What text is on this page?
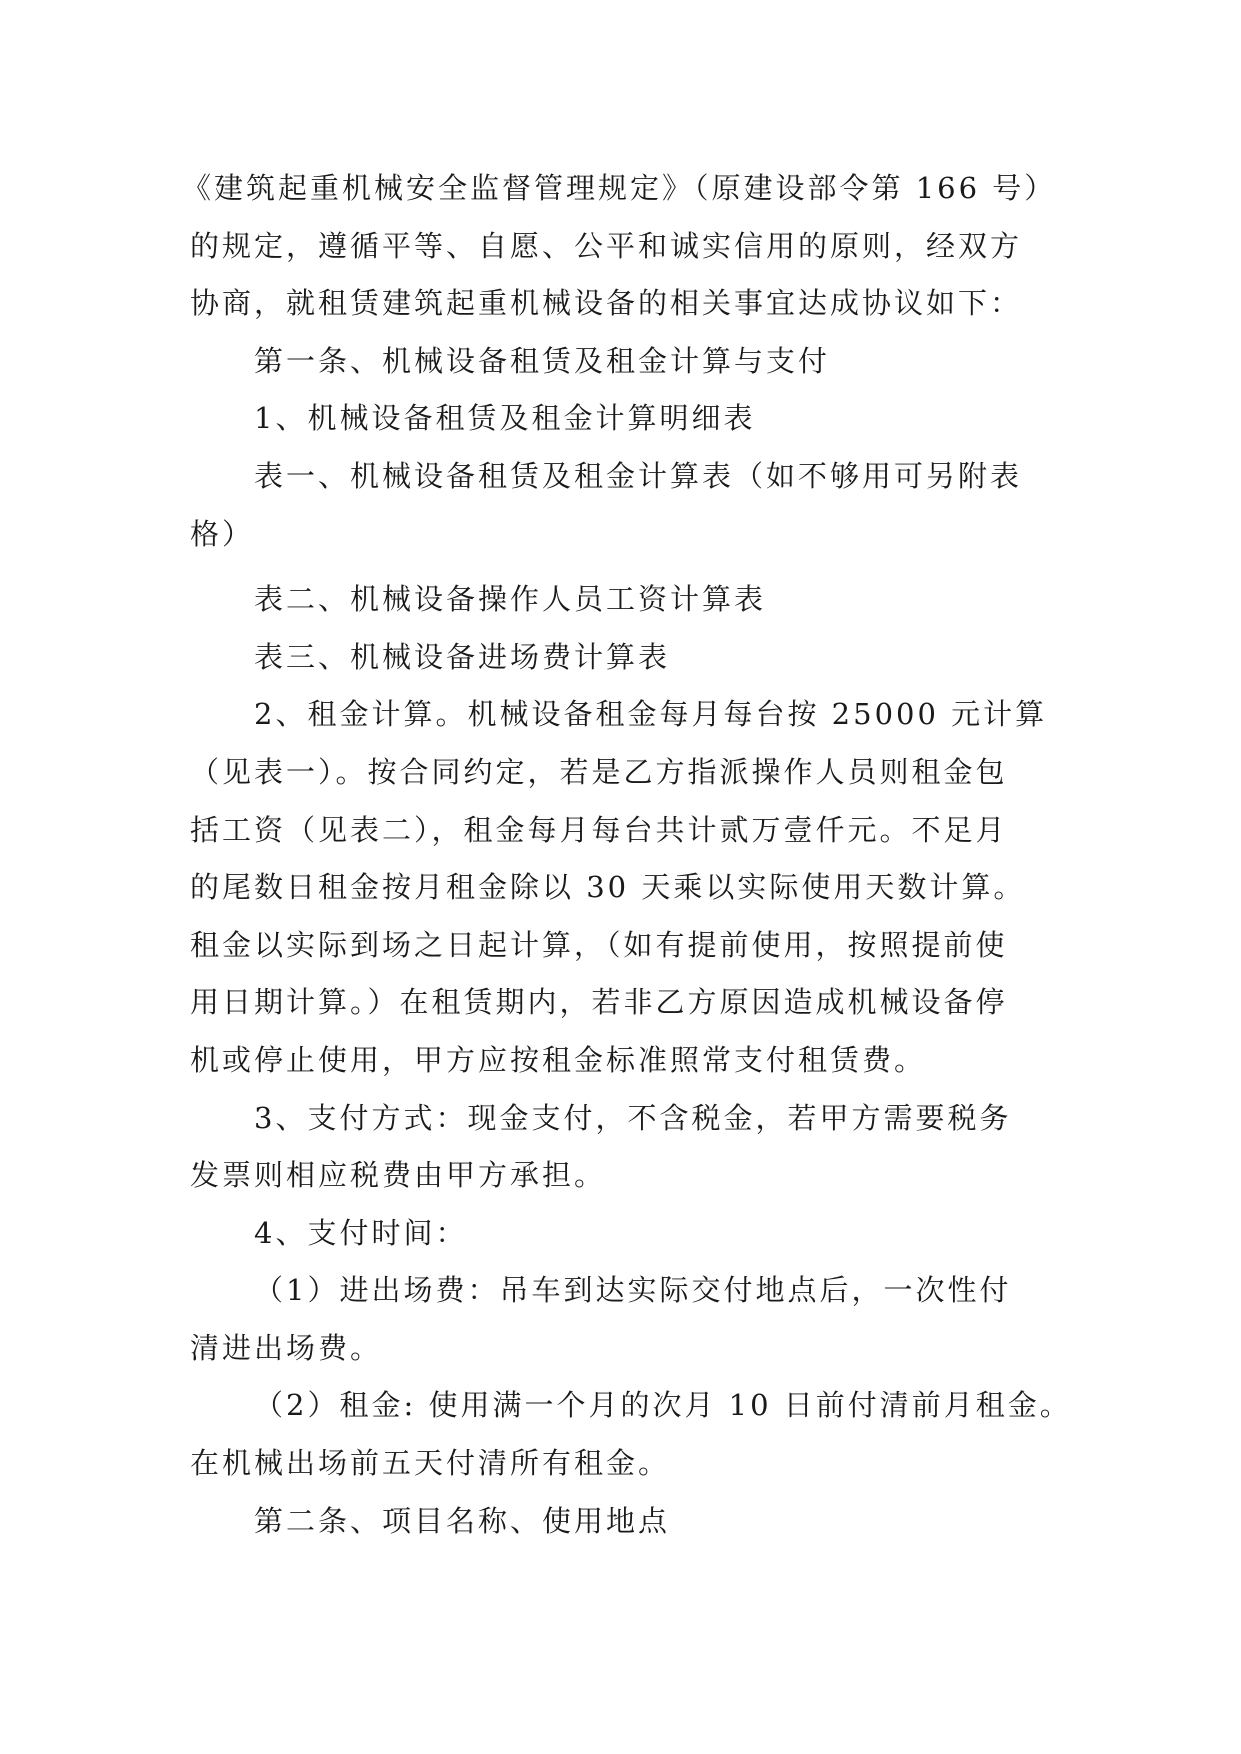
《建筑起重机械安全监督管理规定》（原建设部令第 166 号）
的规定，遵循平等、自愿、公平和诚实信用的原则，经双方
协商，就租赁建筑起重机械设备的相关事宜达成协议如下：
第一条、机械设备租赁及租金计算与支付
1、机械设备租赁及租金计算明细表
表一、机械设备租赁及租金计算表（如不够用可另附表
格）
表二、机械设备操作人员工资计算表
表三、机械设备进场费计算表
2、租金计算。机械设备租金每月每台按 25000 元计算
（见表一）。按合同约定，若是乙方指派操作人员则租金包
括工资（见表二），租金每月每台共计贰万壹仟元。不足月
的尾数日租金按月租金除以 30 天乘以实际使用天数计算。
租金以实际到场之日起计算，（如有提前使用，按照提前使
用日期计算。）在租赁期内，若非乙方原因造成机械设备停
机或停止使用，甲方应按租金标准照常支付租赁费。
3、支付方式：现金支付，不含税金，若甲方需要税务
发票则相应税费由甲方承担。
4、支付时间：
（1）进出场费：吊车到达实际交付地点后，一次性付
清进出场费。
（2）租金: 使用满一个月的次月 10 日前付清前月租金。
在机械出场前五天付清所有租金。
第二条、项目名称、使用地点
